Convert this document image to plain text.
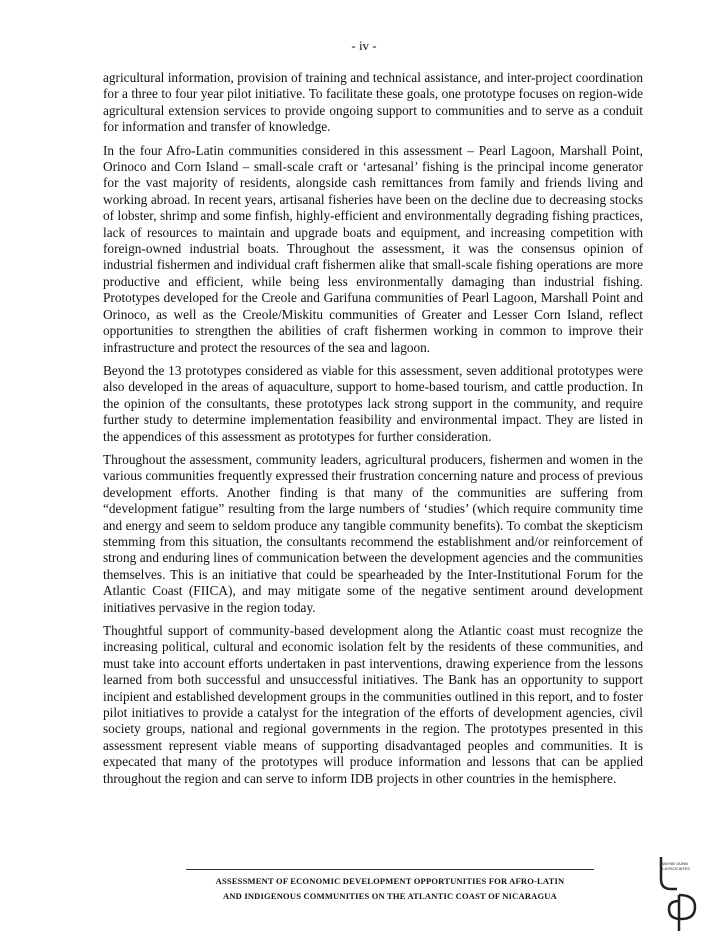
- iv -

agricultural information, provision of training and technical assistance, and inter-project coordination for a three to four year pilot initiative. To facilitate these goals, one prototype focuses on region-wide agricultural extension services to provide ongoing support to communities and to serve as a conduit for information and transfer of knowledge.

In the four Afro-Latin communities considered in this assessment – Pearl Lagoon, Marshall Point, Orinoco and Corn Island – small-scale craft or ‘artesanal’ fishing is the principal income generator for the vast majority of residents, alongside cash remittances from family and friends living and working abroad. In recent years, artisanal fisheries have been on the decline due to decreasing stocks of lobster, shrimp and some finfish, highly-efficient and environmentally degrading fishing practices, lack of resources to maintain and upgrade boats and equipment, and increasing competition with foreign-owned industrial boats. Throughout the assessment, it was the consensus opinion of industrial fishermen and individual craft fishermen alike that small-scale fishing operations are more productive and efficient, while being less environmentally damaging than industrial fishing. Prototypes developed for the Creole and Garifuna communities of Pearl Lagoon, Marshall Point and Orinoco, as well as the Creole/Miskitu communities of Greater and Lesser Corn Island, reflect opportunities to strengthen the abilities of craft fishermen working in common to improve their infrastructure and protect the resources of the sea and lagoon.

Beyond the 13 prototypes considered as viable for this assessment, seven additional prototypes were also developed in the areas of aquaculture, support to home-based tourism, and cattle production. In the opinion of the consultants, these prototypes lack strong support in the community, and require further study to determine implementation feasibility and environmental impact. They are listed in the appendices of this assessment as prototypes for further consideration.

Throughout the assessment, community leaders, agricultural producers, fishermen and women in the various communities frequently expressed their frustration concerning nature and process of previous development efforts. Another finding is that many of the communities are suffering from “development fatigue” resulting from the large numbers of ‘studies’ (which require community time and energy and seem to seldom produce any tangible community benefits). To combat the skepticism stemming from this situation, the consultants recommend the establishment and/or reinforcement of strong and enduring lines of communication between the development agencies and the communities themselves. This is an initiative that could be spearheaded by the Inter-Institutional Forum for the Atlantic Coast (FIICA), and may mitigate some of the negative sentiment around development initiatives pervasive in the region today.

Thoughtful support of community-based development along the Atlantic coast must recognize the increasing political, cultural and economic isolation felt by the residents of these communities, and must take into account efforts undertaken in past interventions, drawing experience from the lessons learned from both successful and unsuccessful initiatives. The Bank has an opportunity to support incipient and established development groups in the communities outlined in this report, and to foster pilot initiatives to provide a catalyst for the integration of the efforts of development agencies, civil society groups, national and regional governments in the region. The prototypes presented in this assessment represent viable means of supporting disadvantaged peoples and communities. It is expecated that many of the prototypes will produce information and lessons that can be applied throughout the region and can serve to inform IDB projects in other countries in the hemisphere.

ASSESSMENT OF ECONOMIC DEVELOPMENT OPPORTUNITIES FOR AFRO-LATIN
AND INDIGENOUS COMMUNITIES ON THE ATLANTIC COAST OF NICARAGUA
WAYNE DUNN
& ASSOCIATES
